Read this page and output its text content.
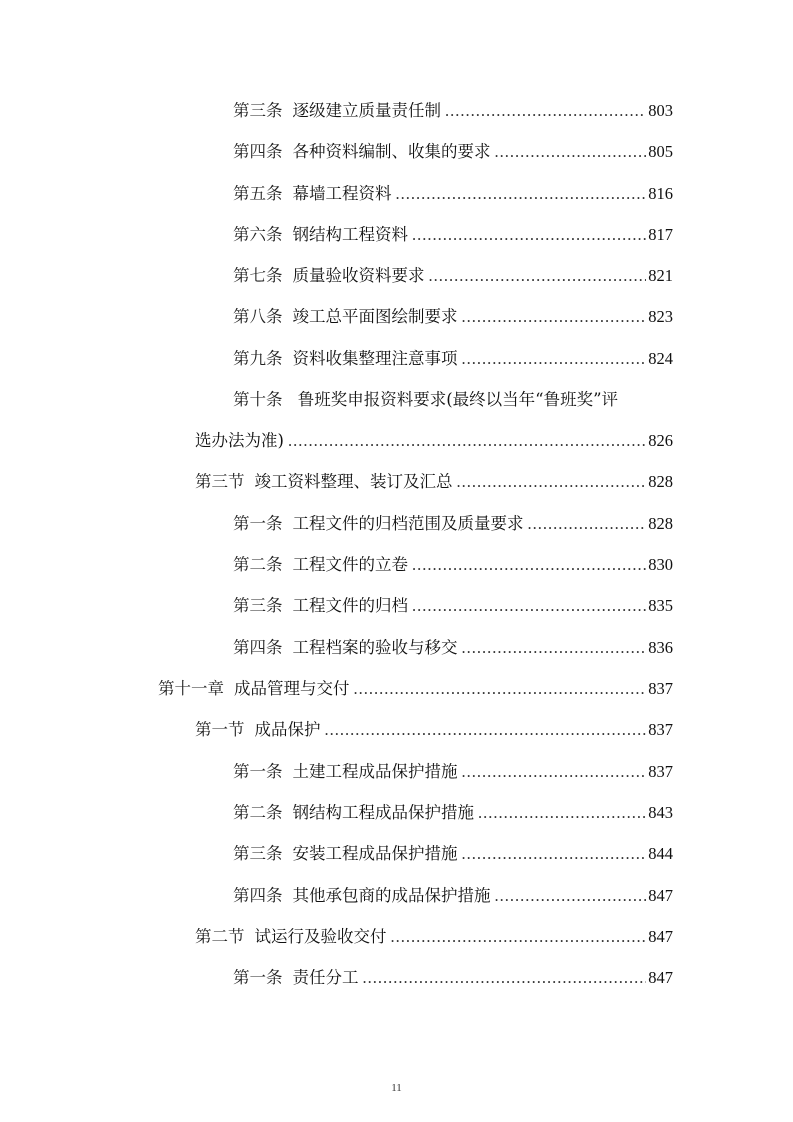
第三条 逐级建立质量责任制 .....	803
第四条 各种资料编制、收集的要求 .....	805
第五条 幕墙工程资料 .....	816
第六条 钢结构工程资料 .....	817
第七条 质量验收资料要求 .....	821
第八条 竣工总平面图绘制要求 .....	823
第九条 资料收集整理注意事项 .....	824
第十条 鲁班奖申报资料要求(最终以当年“鲁班奖”评
选办法为准) .....	826
第三节 竣工资料整理、装订及汇总 .....	828
第一条 工程文件的归档范围及质量要求 .....	828
第二条 工程文件的立卷 .....	830
第三条 工程文件的归档 .....	835
第四条 工程档案的验收与移交 .....	836
第十一章 成品管理与交付 .....	837
第一节 成品保护 .....	837
第一条 土建工程成品保护措施 .....	837
第二条 钢结构工程成品保护措施 .....	843
第三条 安装工程成品保护措施 .....	844
第四条 其他承包商的成品保护措施 .....	847
第二节 试运行及验收交付 .....	847
第一条 责任分工 .....	847
11
